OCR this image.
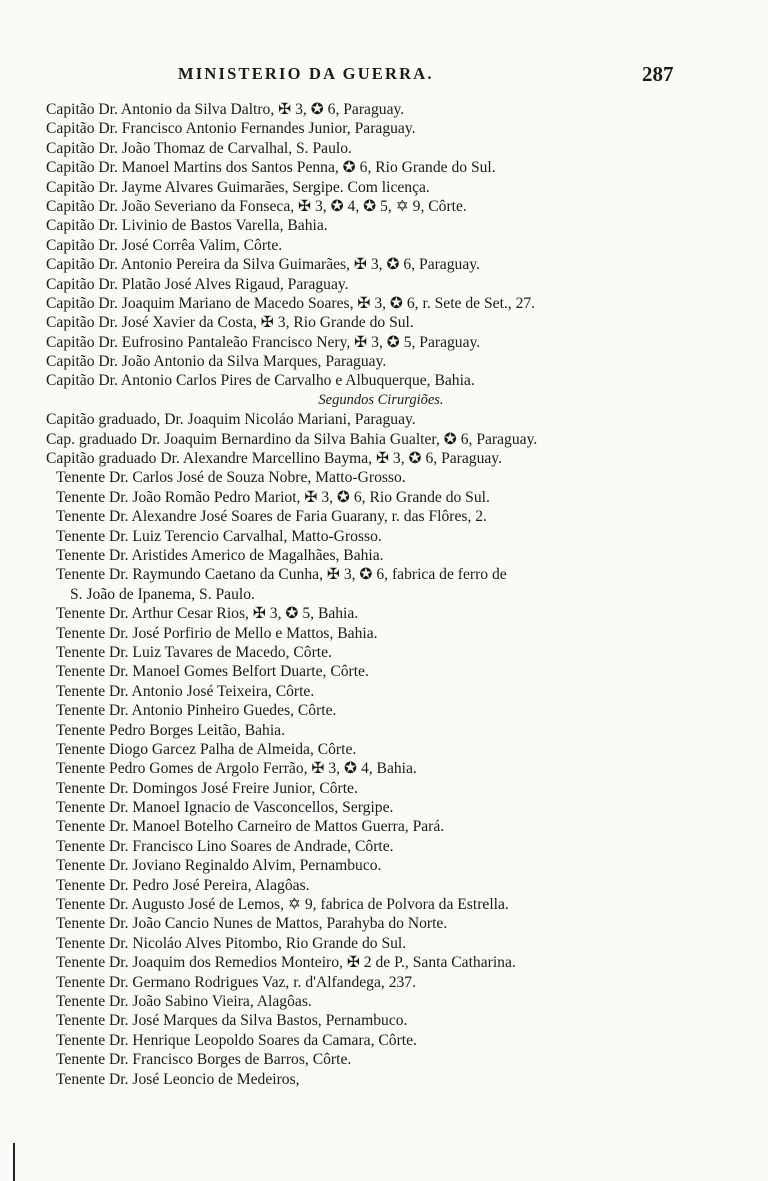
MINISTERIO DA GUERRA.	287
Capitão Dr. Antonio da Silva Daltro, ✠ 3, ✪ 6, Paraguay.
Capitão Dr. Francisco Antonio Fernandes Junior, Paraguay.
Capitão Dr. João Thomaz de Carvalhal, S. Paulo.
Capitão Dr. Manoel Martins dos Santos Penna, ✪ 6, Rio Grande do Sul.
Capitão Dr. Jayme Alvares Guimarães, Sergipe. Com licença.
Capitão Dr. João Severiano da Fonseca, ✠ 3, ✪ 4, ✪ 5, ✡ 9, Côrte.
Capitão Dr. Livinio de Bastos Varella, Bahia.
Capitão Dr. José Corrêa Valim, Côrte.
Capitão Dr. Antonio Pereira da Silva Guimarães, ✠ 3, ✪ 6, Paraguay.
Capitão Dr. Platão José Alves Rigaud, Paraguay.
Capitão Dr. Joaquim Mariano de Macedo Soares, ✠ 3, ✪ 6, r. Sete de Set., 27.
Capitão Dr. José Xavier da Costa, ✠ 3, Rio Grande do Sul.
Capitão Dr. Eufrosino Pantaleão Francisco Nery, ✠ 3, ✪ 5, Paraguay.
Capitão Dr. João Antonio da Silva Marques, Paraguay.
Capitão Dr. Antonio Carlos Pires de Carvalho e Albuquerque, Bahia.
Segundos Cirurgiões.
Capitão graduado, Dr. Joaquim Nicoláo Mariani, Paraguay.
Cap. graduado Dr. Joaquim Bernardino da Silva Bahia Gualter, ✪ 6, Paraguay.
Capitão graduado Dr. Alexandre Marcellino Bayma, ✠ 3, ✪ 6, Paraguay.
Tenente Dr. Carlos José de Souza Nobre, Matto-Grosso.
Tenente Dr. João Romão Pedro Mariot, ✠ 3, ✪ 6, Rio Grande do Sul.
Tenente Dr. Alexandre José Soares de Faria Guarany, r. das Flôres, 2.
Tenente Dr. Luiz Terencio Carvalhal, Matto-Grosso.
Tenente Dr. Aristides Americo de Magalhães, Bahia.
Tenente Dr. Raymundo Caetano da Cunha, ✠ 3, ✪ 6, fabrica de ferro de
S. João de Ipanema, S. Paulo.
Tenente Dr. Arthur Cesar Rios, ✠ 3, ✪ 5, Bahia.
Tenente Dr. José Porfirio de Mello e Mattos, Bahia.
Tenente Dr. Luiz Tavares de Macedo, Côrte.
Tenente Dr. Manoel Gomes Belfort Duarte, Côrte.
Tenente Dr. Antonio José Teixeira, Côrte.
Tenente Dr. Antonio Pinheiro Guedes, Côrte.
Tenente Pedro Borges Leitão, Bahia.
Tenente Diogo Garcez Palha de Almeida, Côrte.
Tenente Pedro Gomes de Argolo Ferrão, ✠ 3, ✪ 4, Bahia.
Tenente Dr. Domingos José Freire Junior, Côrte.
Tenente Dr. Manoel Ignacio de Vasconcellos, Sergipe.
Tenente Dr. Manoel Botelho Carneiro de Mattos Guerra, Pará.
Tenente Dr. Francisco Lino Soares de Andrade, Côrte.
Tenente Dr. Joviano Reginaldo Alvim, Pernambuco.
Tenente Dr. Pedro José Pereira, Alagôas.
Tenente Dr. Augusto José de Lemos, ✡ 9, fabrica de Polvora da Estrella.
Tenente Dr. João Cancio Nunes de Mattos, Parahyba do Norte.
Tenente Dr. Nicoláo Alves Pitombo, Rio Grande do Sul.
Tenente Dr. Joaquim dos Remedios Monteiro, ✠ 2 de P., Santa Catharina.
Tenente Dr. Germano Rodrigues Vaz, r. d'Alfandega, 237.
Tenente Dr. João Sabino Vieira, Alagôas.
Tenente Dr. José Marques da Silva Bastos, Pernambuco.
Tenente Dr. Henrique Leopoldo Soares da Camara, Côrte.
Tenente Dr. Francisco Borges de Barros, Côrte.
Tenente Dr. José Leoncio de Medeiros,
